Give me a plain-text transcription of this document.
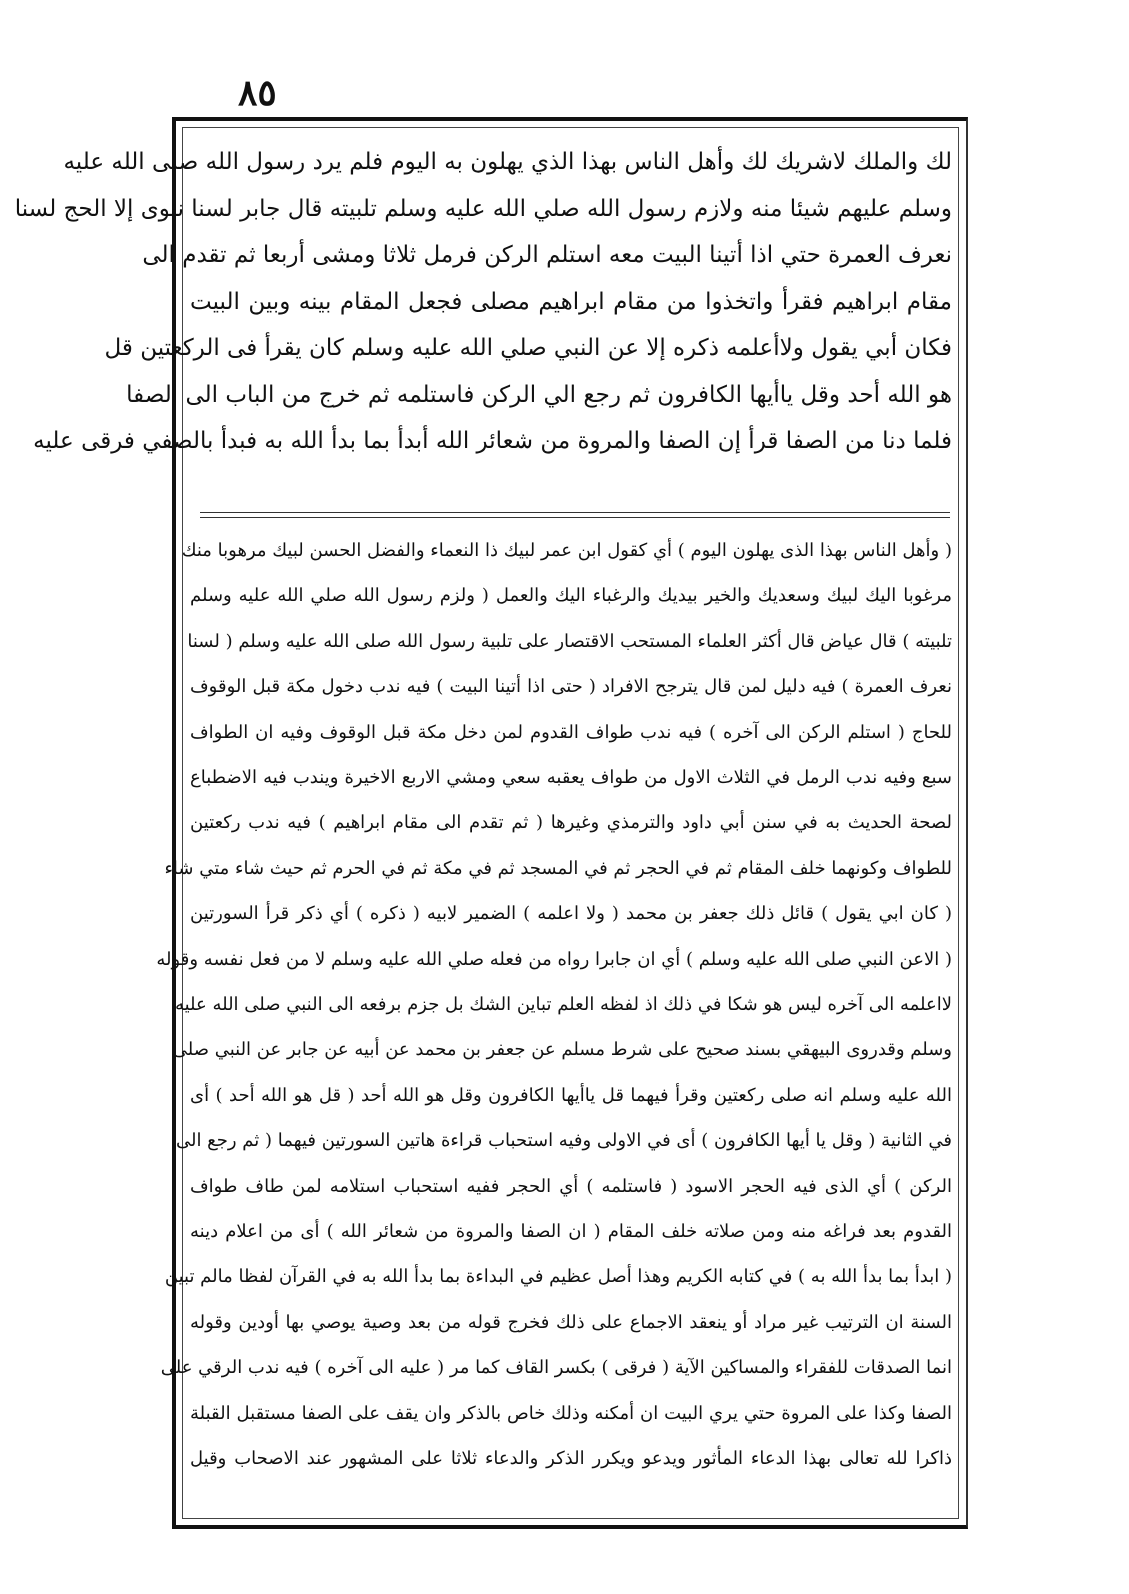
٨٥
لك والملك لاشريك لك وأهل الناس بهذا الذي يهلون به اليوم فلم يرد رسول الله صلى الله عليه
وسلم عليهم شيئا منه ولازم رسول الله صلي الله عليه وسلم تلبيته قال جابر لسنا ننوى إلا الحج لسنا
نعرف العمرة حتي اذا أتينا البيت معه استلم الركن فرمل ثلاثا ومشى أربعا ثم تقدم الى
مقام ابراهيم فقرأ واتخذوا من مقام ابراهيم مصلى فجعل المقام بينه وبين البيت
فكان أبي يقول ولاأعلمه ذكره إلا عن النبي صلي الله عليه وسلم كان يقرأ فى الركعتين قل
هو الله أحد وقل ياأيها الكافرون ثم رجع الي الركن فاستلمه ثم خرج من الباب الى الصفا
فلما دنا من الصفا قرأ إن الصفا والمروة من شعائر الله أبدأ بما بدأ الله به فبدأ بالصفي فرقى عليه
( وأهل الناس بهذا الذى يهلون اليوم ) أي كقول ابن عمر لبيك ذا النعماء والفضل الحسن لبيك مرهوبا منك
مرغوبا اليك لبيك وسعديك والخير بيديك والرغباء اليك والعمل ( ولزم رسول الله صلي الله عليه وسلم
تلبيته ) قال عياض قال أكثر العلماء المستحب الاقتصار على تلبية رسول الله صلى الله عليه وسلم ( لسنا
نعرف العمرة ) فيه دليل لمن قال يترجح الافراد ( حتى اذا أتينا البيت ) فيه ندب دخول مكة قبل الوقوف
للحاج ( استلم الركن الى آخره ) فيه ندب طواف القدوم لمن دخل مكة قبل الوقوف وفيه ان الطواف
سبع وفيه ندب الرمل في الثلاث الاول من طواف يعقبه سعي ومشي الاربع الاخيرة ويندب فيه الاضطباع
لصحة الحديث به في سنن أبي داود والترمذي وغيرها ( ثم تقدم الى مقام ابراهيم ) فيه ندب ركعتين
للطواف وكونهما خلف المقام ثم في الحجر ثم في المسجد ثم في مكة ثم في الحرم ثم حيث شاء متي شاء
( كان ابي يقول ) قائل ذلك جعفر بن محمد ( ولا اعلمه ) الضمير لابيه ( ذكره ) أي ذكر قرأ السورتين
( الاعن النبي صلى الله عليه وسلم ) أي ان جابرا رواه من فعله صلي الله عليه وسلم لا من فعل نفسه وقوله
لااعلمه الى آخره ليس هو شكا في ذلك اذ لفظه العلم تباين الشك بل جزم برفعه الى النبي صلى الله عليه
وسلم وقدروى البيهقي بسند صحيح على شرط مسلم عن جعفر بن محمد عن أبيه عن جابر عن النبي صلى
الله عليه وسلم انه صلى ركعتين وقرأ فيهما قل ياأيها الكافرون وقل هو الله أحد ( قل هو الله أحد ) أى
في الثانية ( وقل يا أيها الكافرون ) أى في الاولى وفيه استحباب قراءة هاتين السورتين فيهما ( ثم رجع الى
الركن ) أي الذى فيه الحجر الاسود ( فاستلمه ) أي الحجر ففيه استحباب استلامه لمن طاف طواف
القدوم بعد فراغه منه ومن صلاته خلف المقام ( ان الصفا والمروة من شعائر الله ) أى من اعلام دينه
( ابدأ بما بدأ الله به ) في كتابه الكريم وهذا أصل عظيم في البداءة بما بدأ الله به في القرآن لفظا مالم تبين
السنة ان الترتيب غير مراد أو ينعقد الاجماع على ذلك فخرج قوله من بعد وصية يوصي بها أودين وقوله
انما الصدقات للفقراء والمساكين الآية ( فرقى ) بكسر القاف كما مر ( عليه الى آخره ) فيه ندب الرقي على
الصفا وكذا على المروة حتي يري البيت ان أمكنه وذلك خاص بالذكر وان يقف على الصفا مستقبل القبلة
ذاكرا لله تعالى بهذا الدعاء المأثور ويدعو ويكرر الذكر والدعاء ثلاثا على المشهور عند الاصحاب وقيل
